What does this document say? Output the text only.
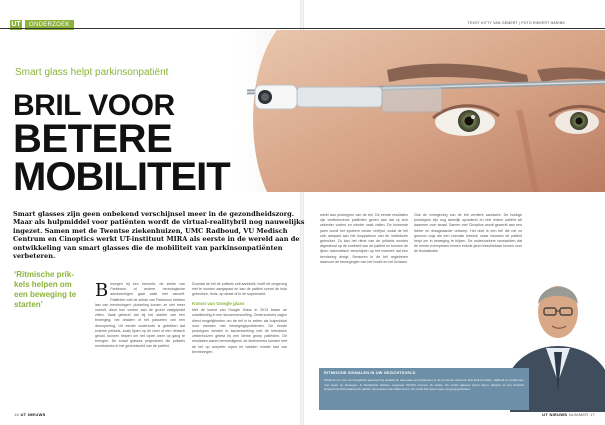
UT	ONDERZOEK
Smart glass helpt parkinsonpatiënt
BRIL VOOR
BETERE
MOBILITEIT
‘Ritmische prik-kels helpen om een beweging te starten’
Bewegen bij een beroerte, de ziekte van Parkinson of andere neurologische aandoeningen gaat vaak niet vanzelf. Patiënten met de ziekte van Parkinson hebben last van bevriezingen: plotseling komen ze niet meer vooruit, alsof hun voeten aan de grond vastgeplakt zitten. Vaak gebeurt dat bij het starten van een beweging, het draaien of het passeren van een deuropening. Uit eerder onderzoek is gebleken dat externe prikkels, zoals lijnen op de vloer of een ritmisch geluid, kunnen helpen om het lopen weer op gang te brengen. De smart glasses projecteren die prikkels rechtstreeks in het gezichtsveld van de patiënt.
Doordat de bril de prikkels zelf aanbiedt, hoeft de omgeving niet te worden aangepast en kan de patiënt overal de hulp gebruiken, thuis, op straat of in de supermarkt.
Komst van Google glass
Met de komst van Google Glass in 2013 kwam de ontwikkeling in een stroomversnelling. Onderzoekers zagen direct mogelijkheden om de bril in te zetten als hulpmiddel voor mensen met bewegingsproblemen. De eerste prototypes werden in samenwerking met de betrokken ziekenhuizen getest bij een kleine groep patiënten. De resultaten waren bemoedigend: de deelnemers konden met de bril op soepeler lopen en hadden minder last van bevriezingen.
16 UT NIEUWS
TEKST KITTY VAN GEMERT | FOTO RIKKERT HARINK
werkt aan prototypen van de bril. De eerste resultaten zijn veelbelovend: patiënten geven aan dat zij zich zekerder voelen en minder vaak vallen. De komende jaren wordt het systeem verder verfijnd, zodat de bril zich aanpast aan het looppatroon van de individuele gebruiker. Zo kan het ritme van de prikkels worden afgestemd op de snelheid van de patiënt en kunnen de lijnen automatisch verschijnen op het moment dat een bevriezing dreigt. Sensoren in de bril registreren daarvoor de bewegingen van het hoofd en het lichaam.
Ook de vormgeving van de bril verdient aandacht. De huidige prototypes zijn nog tamelijk opvallend en niet iedere patiënt wil daarmee over straat. Samen met Cinoptics wordt gewerkt aan een lichter en draagbaarder ontwerp. Het doel is een bril die net zo gewoon oogt als een normale leesbril, maar intussen de patiënt helpt om in beweging te blijven. De onderzoekers verwachten dat de eerste exemplaren binnen enkele jaren beschikbaar komen voor de thuissituatie.
UT NIEUWS NUMMER 17
Smart glasses zijn geen onbekend verschijnsel meer in de gezondheidszorg. Maar als hulpmiddel voor patiënten wordt de virtual-realitybril nog nauwelijks ingezet. Samen met de Twentse ziekenhuizen, UMC Radboud, VU Medisch Centrum en Cinoptics werkt UT-instituut MIRA als eerste in de wereld aan de ontwikkeling van smart glasses die de mobiliteit van parkinsonpatiënten verbeteren.
RITMISCHE SIGNALEN IN UW GEZICHTSVELD
Parkinson is een neurologische aandoening waarbij de aanmaak van dopamine in de hersenen afneemt. Dat leidt tot trillen, stijfheid en problemen met lopen en bewegen. In Nederland hebben ongeveer 50.000 mensen de ziekte. De smart glasses tonen lijnen, stippen of een ritmisch knipperend licht waarop de patiënt zijn passen kan afstemmen. Zo wordt het lopen weer op gang geholpen.
